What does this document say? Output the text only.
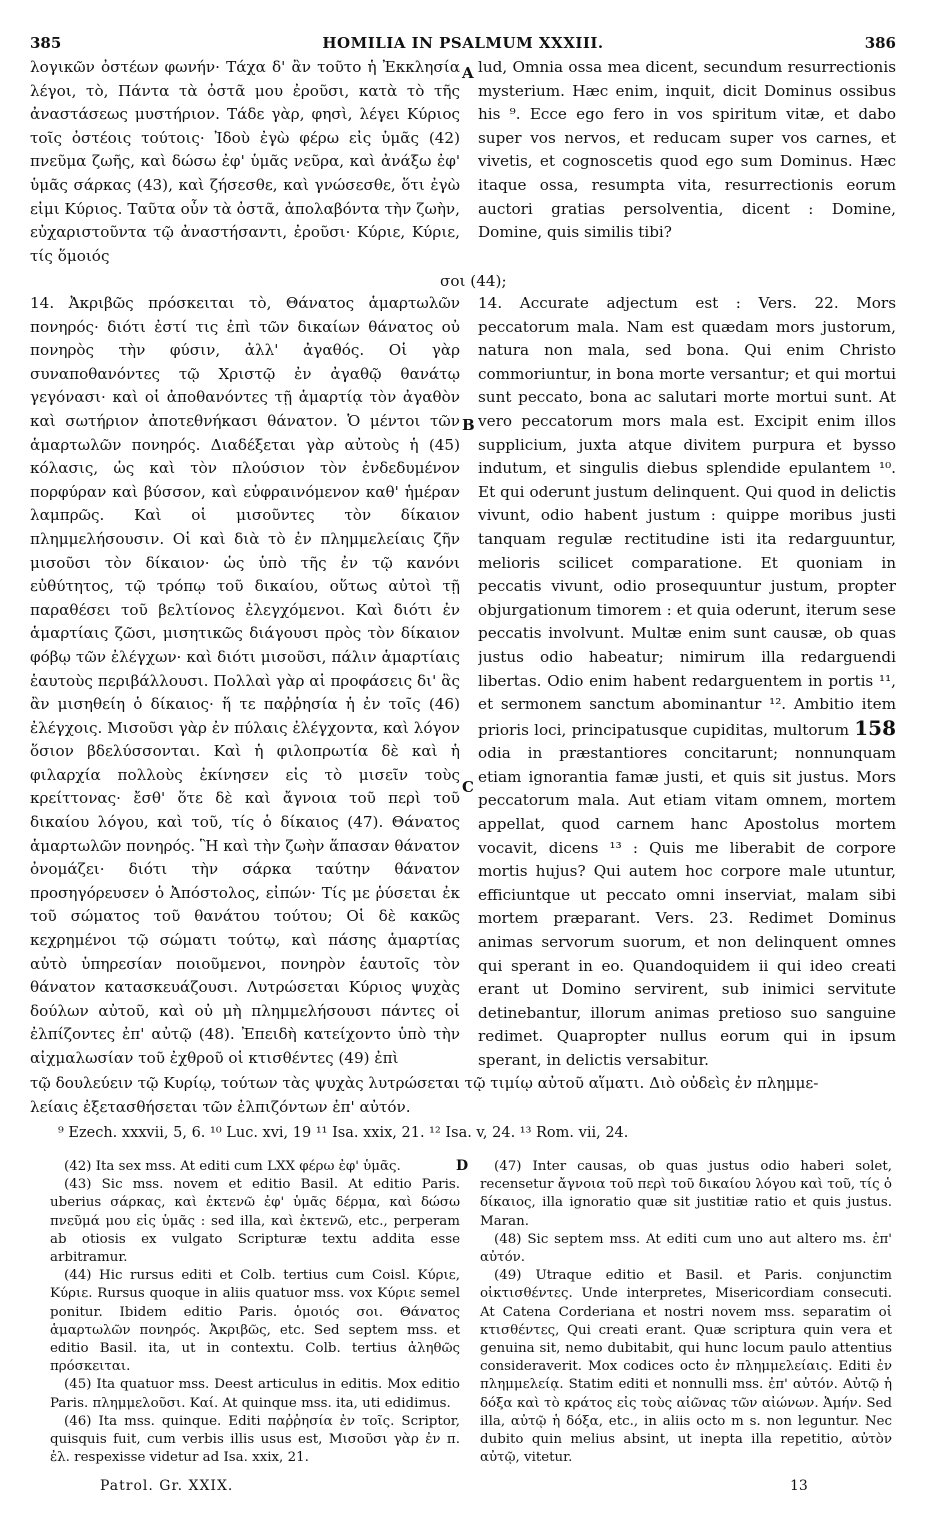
385	HOMILIA IN PSALMUM XXXIII.	386

λογικῶν ὀστέων φωνήν· Τάχα δ' ἂν τοῦτο ἡ Ἐκκλησία λέγοι, τὸ, Πάντα τὰ ὀστᾶ μου ἐροῦσι, κατὰ τὸ τῆς ἀναστάσεως μυστήριον. Τάδε γὰρ, φησὶ, λέγει Κύριος τοῖς ὀστέοις τούτοις· Ἰδοὺ ἐγὼ φέρω εἰς ὑμᾶς (42) πνεῦμα ζωῆς, καὶ δώσω ἐφ' ὑμᾶς νεῦρα, καὶ ἀνάξω ἐφ' ὑμᾶς σάρκας (43), καὶ ζήσεσθε, καὶ γνώσεσθε, ὅτι ἐγὼ εἰμι Κύριος. Ταῦτα οὖν τὰ ὀστᾶ, ἀπολαβόντα τὴν ζωὴν, εὐχαριστοῦντα τῷ ἀναστήσαντι, ἐροῦσι· Κύριε, Κύριε, τίς ὅμοιός

14. Ἀκριβῶς πρόσκειται τὸ, Θάνατος ἁμαρτωλῶν πονηρός· διότι ἐστί τις ἐπὶ τῶν δικαίων θάνατος οὐ πονηρὸς τὴν φύσιν, ἀλλ' ἀγαθός. Οἱ γὰρ συναποθανόντες τῷ Χριστῷ ἐν ἀγαθῷ θανάτῳ γεγόνασι· καὶ οἱ ἀποθανόντες τῇ ἁμαρτίᾳ τὸν ἀγαθὸν καὶ σωτήριον ἀποτεθνήκασι θάνατον. Ὁ μέντοι τῶν ἁμαρτωλῶν πονηρός. Διαδέξεται γὰρ αὐτοὺς ἡ (45) κόλασις, ὡς καὶ τὸν πλούσιον τὸν ἐνδεδυμένον πορφύραν καὶ βύσσον, καὶ εὐφραινόμενον καθ' ἡμέραν λαμπρῶς. Καὶ οἱ μισοῦντες τὸν δίκαιον πλημμελήσουσιν. Οἱ καὶ διὰ τὸ ἐν πλημμελείαις ζῆν μισοῦσι τὸν δίκαιον· ὡς ὑπὸ τῆς ἐν τῷ κανόνι εὐθύτητος, τῷ τρόπῳ τοῦ δικαίου, οὕτως αὐτοὶ τῇ παραθέσει τοῦ βελτίονος ἐλεγχόμενοι. Καὶ διότι ἐν ἁμαρτίαις ζῶσι, μισητικῶς διάγουσι πρὸς τὸν δίκαιον φόβῳ τῶν ἐλέγχων· καὶ διότι μισοῦσι, πάλιν ἁμαρτίαις ἑαυτοὺς περιβάλλουσι. Πολλαὶ γὰρ αἱ προφάσεις δι' ἃς ἂν μισηθείη ὁ δίκαιος· ἥ τε παῤῥησία ἡ ἐν τοῖς (46) ἐλέγχοις. Μισοῦσι γὰρ ἐν πύλαις ἐλέγχοντα, καὶ λόγον ὅσιον βδελύσσονται. Καὶ ἡ φιλοπρωτία δὲ καὶ ἡ φιλαρχία πολλοὺς ἐκίνησεν εἰς τὸ μισεῖν τοὺς κρείττονας· ἔσθ' ὅτε δὲ καὶ ἄγνοια τοῦ περὶ τοῦ δικαίου λόγου, καὶ τοῦ, τίς ὁ δίκαιος (47). Θάνατος ἁμαρτωλῶν πονηρός. Ἣ καὶ τὴν ζωὴν ἅπασαν θάνατον ὀνομάζει· διότι τὴν σάρκα ταύτην θάνατον προσηγόρευσεν ὁ Ἀπόστολος, εἰπών· Τίς με ῥύσεται ἐκ τοῦ σώματος τοῦ θανάτου τούτου; Οἱ δὲ κακῶς κεχρημένοι τῷ σώματι τούτῳ, καὶ πάσης ἁμαρτίας αὐτὸ ὑπηρεσίαν ποιοῦμενοι, πονηρὸν ἑαυτοῖς τὸν θάνατον κατασκευάζουσι. Λυτρώσεται Κύριος ψυχὰς δούλων αὐτοῦ, καὶ οὐ μὴ πλημμελήσουσι πάντες οἱ ἐλπίζοντες ἐπ' αὐτῷ (48). Ἐπειδὴ κατείχοντο ὑπὸ τὴν αἰχμαλωσίαν τοῦ ἐχθροῦ οἱ κτισθέντες (49) ἐπὶ

lud, Omnia ossa mea dicent, secundum resurrectionis mysterium. Hæc enim, inquit, dicit Dominus ossibus his ⁹. Ecce ego fero in vos spiritum vitæ, et dabo super vos nervos, et reducam super vos carnes, et vivetis, et cognoscetis quod ego sum Dominus. Hæc itaque ossa, resumpta vita, resurrectionis eorum auctori gratias persolventia, dicent : Domine, Domine, quis similis tibi?

14. Accurate adjectum est : Vers. 22. Mors peccatorum mala. Nam est quædam mors justorum, natura non mala, sed bona. Qui enim Christo commoriuntur, in bona morte versantur; et qui mortui sunt peccato, bona ac salutari morte mortui sunt. At vero peccatorum mors mala est. Excipit enim illos supplicium, juxta atque divitem purpura et bysso indutum, et singulis diebus splendide epulantem ¹⁰. Et qui oderunt justum delinquent. Qui quod in delictis vivunt, odio habent justum : quippe moribus justi tanquam regulæ rectitudine isti ita redarguuntur, melioris scilicet comparatione. Et quoniam in peccatis vivunt, odio prosequuntur justum, propter objurgationum timorem : et quia oderunt, iterum sese peccatis involvunt. Multæ enim sunt causæ, ob quas justus odio habeatur; nimirum illa redarguendi libertas. Odio enim habent redarguentem in portis ¹¹, et sermonem sanctum abominantur ¹². Ambitio item prioris loci, principatusque cupiditas, multorum 158 odia in præstantiores concitarunt; nonnunquam etiam ignorantia famæ justi, et quis sit justus. Mors peccatorum mala. Aut etiam vitam omnem, mortem appellat, quod carnem hanc Apostolus mortem vocavit, dicens ¹³ : Quis me liberabit de corpore mortis hujus? Qui autem hoc corpore male utuntur, efficiuntque ut peccato omni inserviat, malam sibi mortem præparant. Vers. 23. Redimet Dominus animas servorum suorum, et non delinquent omnes qui sperant in eo. Quandoquidem ii qui ideo creati erant ut Domino servirent, sub inimici servitute detinebantur, illorum animas pretioso suo sanguine redimet. Quapropter nullus eorum qui in ipsum sperant, in delictis versabitur.

A
B
C
σοι (44);
τῷ δουλεύειν τῷ Κυρίῳ, τούτων τὰς ψυχὰς λυτρώσεται τῷ τιμίῳ αὐτοῦ αἵματι. Διὸ οὐδεὶς ἐν πλημμε-
λείαις ἐξετασθήσεται τῶν ἐλπιζόντων ἐπ' αὐτόν.
⁹ Ezech. xxxvii, 5, 6. ¹⁰ Luc. xvi, 19 ¹¹ Isa. xxix, 21. ¹² Isa. v, 24. ¹³ Rom. vii, 24.
D

(42) Ita sex mss. At editi cum LXX φέρω ἐφ' ὑμᾶς.

(43) Sic mss. novem et editio Basil. At editio Paris. uberius σάρκας, καὶ ἐκτενῶ ἐφ' ὑμᾶς δέρμα, καὶ δώσω πνεῦμά μου εἰς ὑμᾶς : sed illa, καὶ ἐκτενῶ, etc., perperam ab otiosis ex vulgato Scripturæ textu addita esse arbitramur.

(44) Hic rursus editi et Colb. tertius cum Coisl. Κύριε, Κύριε. Rursus quoque in aliis quatuor mss. vox Κύριε semel ponitur. Ibidem editio Paris. ὁμοιός σοι. Θάνατος ἁμαρτωλῶν πονηρός. Ἀκριβῶς, etc. Sed septem mss. et editio Basil. ita, ut in contextu. Colb. tertius ἀληθῶς πρόσκειται.

(45) Ita quatuor mss. Deest articulus in editis. Mox editio Paris. πλημμελοῦσι. Καί. At quinque mss. ita, uti edidimus.

(46) Ita mss. quinque. Editi παῤῥησία ἐν τοῖς. Scriptor, quisquis fuit, cum verbis illis usus est, Μισοῦσι γὰρ ἐν π. ἐλ. respexisse videtur ad Isa. xxix, 21.

(47) Inter causas, ob quas justus odio haberi solet, recensetur ἄγνοια τοῦ περὶ τοῦ δικαίου λόγου καὶ τοῦ, τίς ὁ δίκαιος, illa ignoratio quæ sit justitiæ ratio et quis justus. Maran.

(48) Sic septem mss. At editi cum uno aut altero ms. ἐπ' αὐτόν.

(49) Utraque editio et Basil. et Paris. conjunctim οἰκτισθέντες. Unde interpretes, Misericordiam consecuti. At Catena Corderiana et nostri novem mss. separatim οἱ κτισθέντες, Qui creati erant. Quæ scriptura quin vera et genuina sit, nemo dubitabit, qui hunc locum paulo attentius consideraverit. Mox codices octo ἐν πλημμελείαις. Editi ἐν πλημμελείᾳ. Statim editi et nonnulli mss. ἐπ' αὐτόν. Αὐτῷ ἡ δόξα καὶ τὸ κράτος εἰς τοὺς αἰῶνας τῶν αἰώνων. Ἀμήν. Sed illa, αὐτῷ ἡ δόξα, etc., in aliis octo m s. non leguntur. Nec dubito quin melius absint, ut inepta illa repetitio, αὐτὸν αὐτῷ, vitetur.

Patrol. Gr. XXIX.	13
